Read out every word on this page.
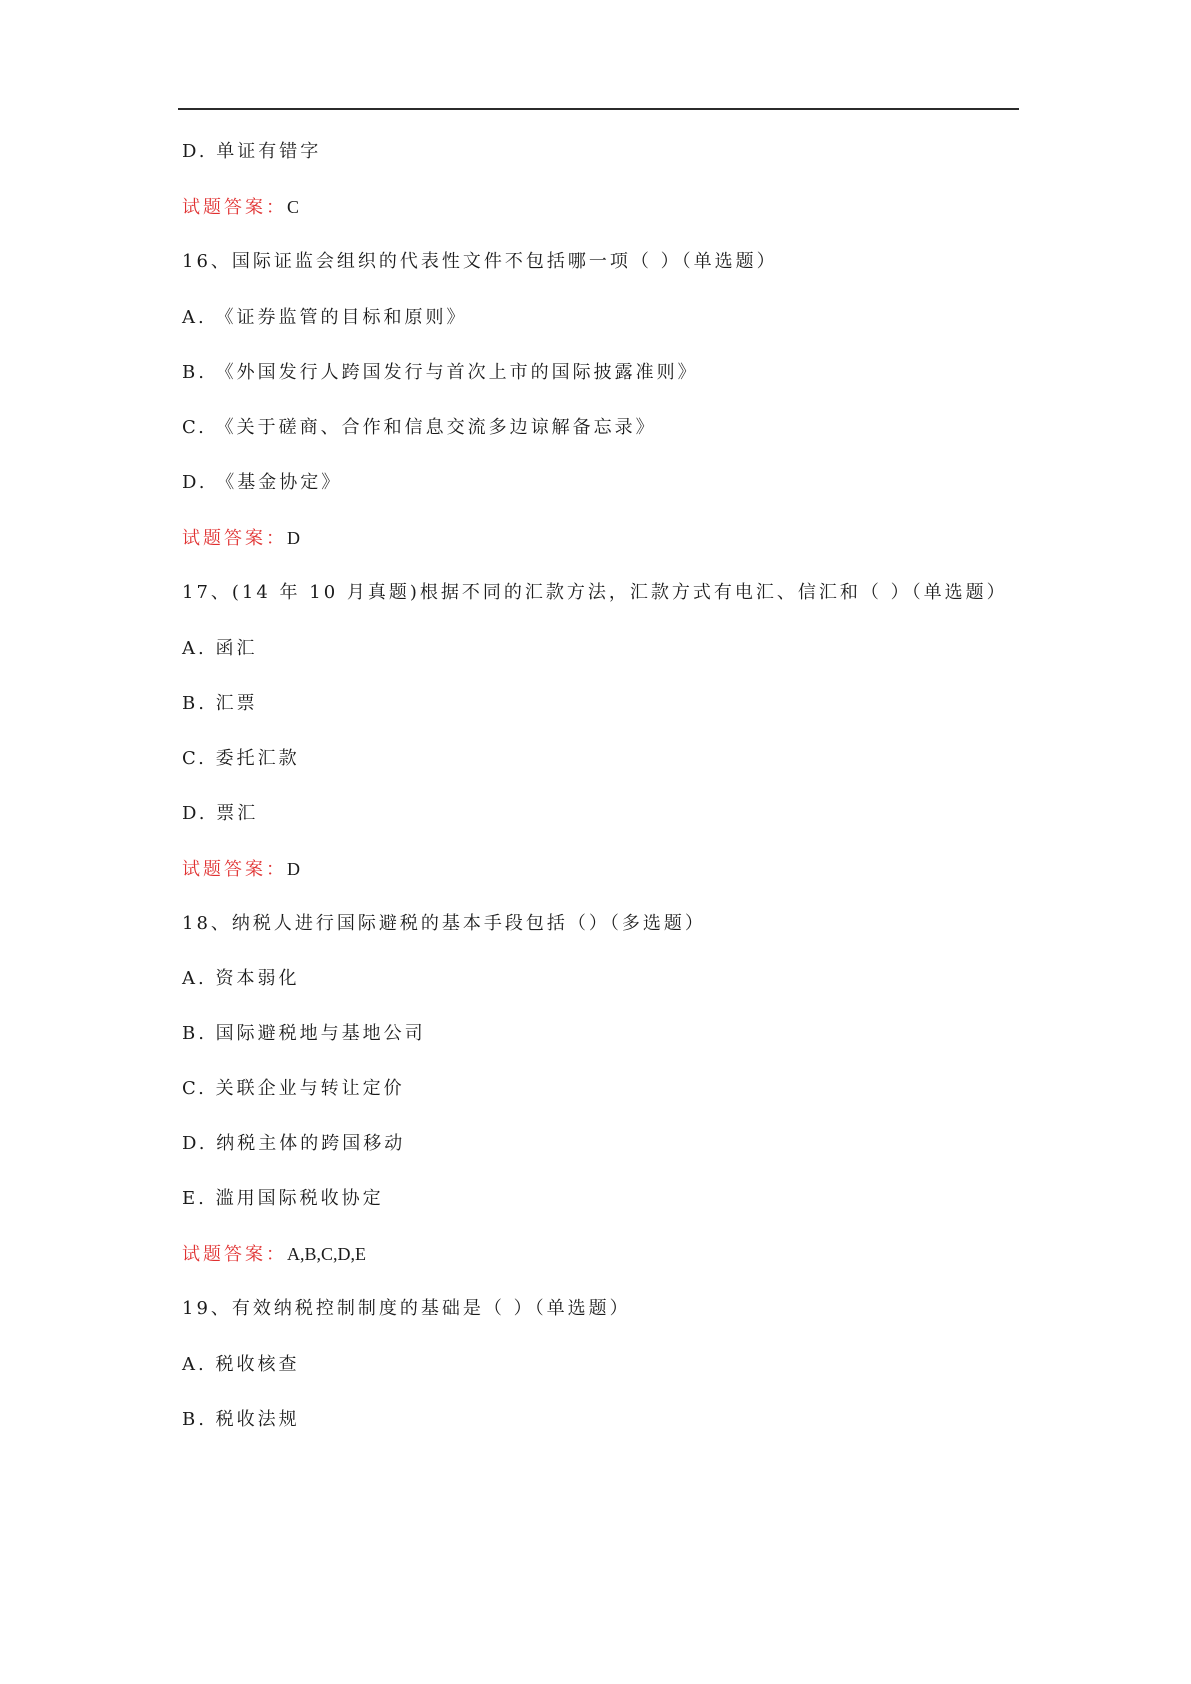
D. 单证有错字
试题答案：C
16、国际证监会组织的代表性文件不包括哪一项（ ）（单选题）
A. 《证券监管的目标和原则》
B. 《外国发行人跨国发行与首次上市的国际披露准则》
C. 《关于磋商、合作和信息交流多边谅解备忘录》
D. 《基金协定》
试题答案：D
17、(14 年 10 月真题)根据不同的汇款方法，汇款方式有电汇、信汇和（ ）（单选题）
A. 函汇
B. 汇票
C. 委托汇款
D. 票汇
试题答案：D
18、纳税人进行国际避税的基本手段包括（）（多选题）
A. 资本弱化
B. 国际避税地与基地公司
C. 关联企业与转让定价
D. 纳税主体的跨国移动
E. 滥用国际税收协定
试题答案：A,B,C,D,E
19、有效纳税控制制度的基础是（ ）（单选题）
A. 税收核查
B. 税收法规
